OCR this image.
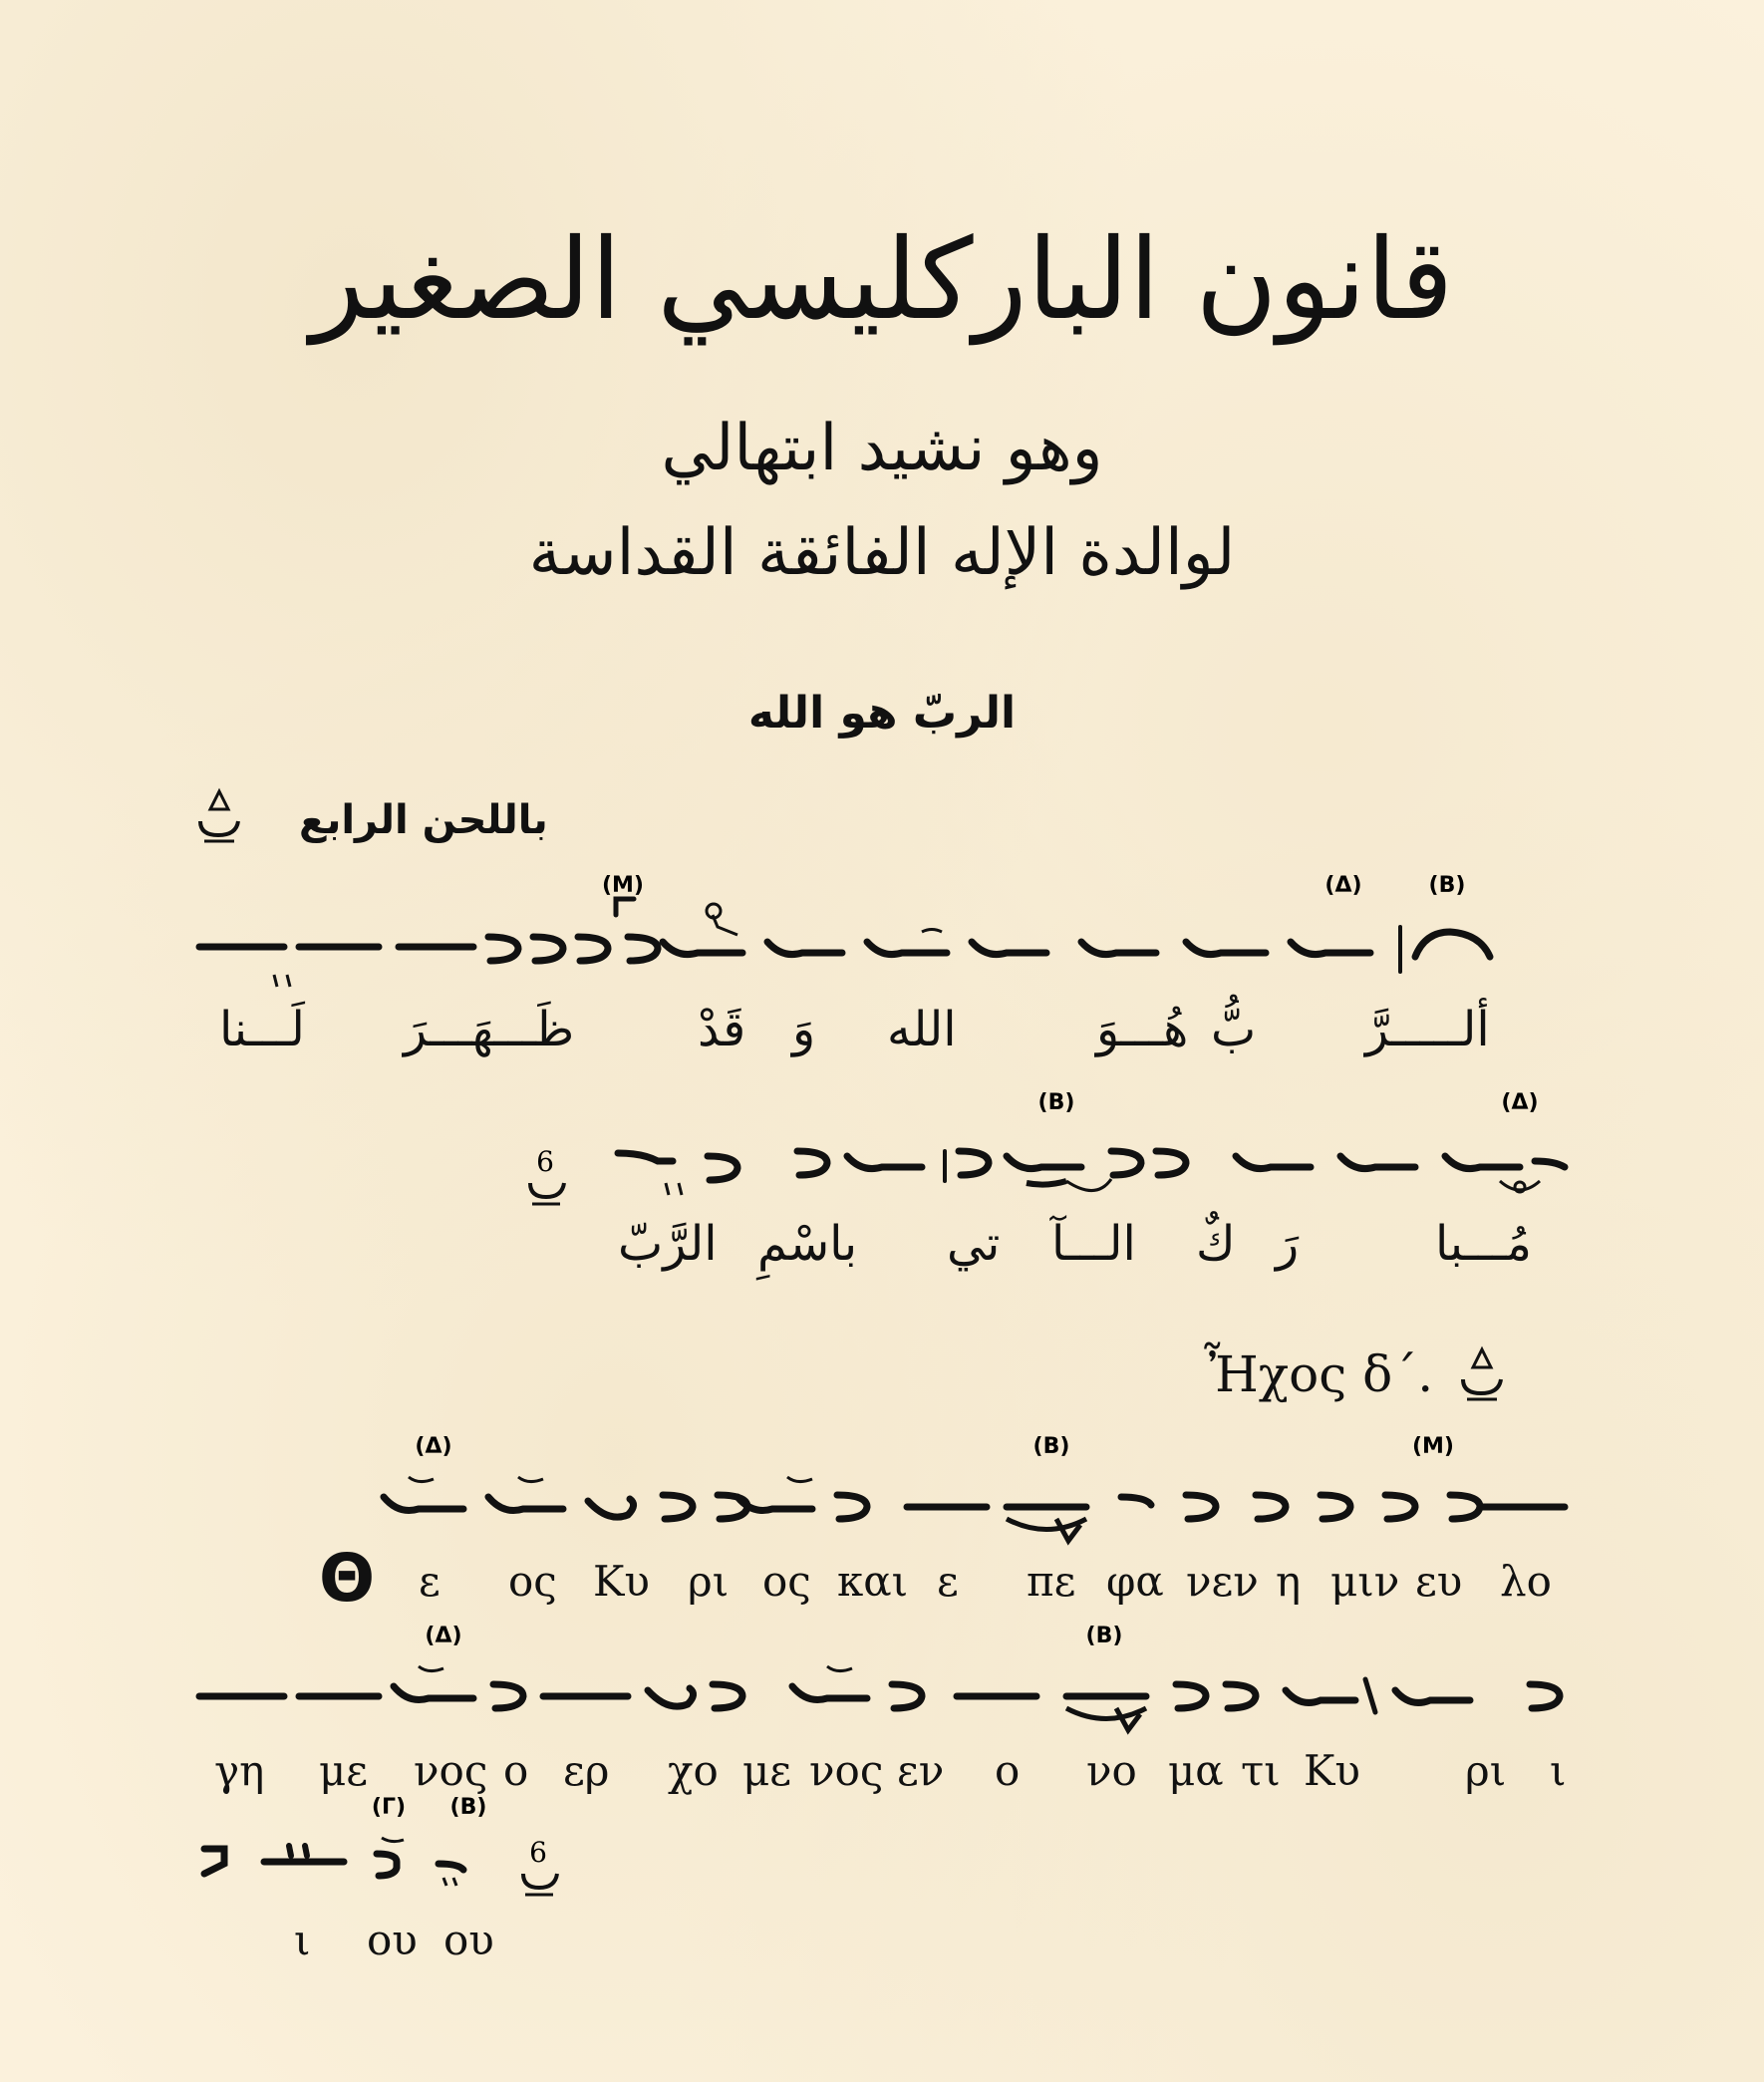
قانون الباركليسي الصغير
وهو نشيد ابتهالي
لوالدة الإله الفائقة القداسة
الربّ هو الله
باللحن الرابع
(Μ)	(Δ)	(Β)
ألـــــرَّ
بُّ
هُـــوَ
الله
وَ
قَدْ
ظَـــهَـــرَ
لَـــنا
(Β)	(Δ)
6
مُـــبا
رَ
كٌ
الـــآ
تي
باسْمِ
الرَّبّ
Ἦχος δ΄.
(Δ)	(Β)	(Μ)
Θ ε ος Κυ ρι ος και ε πε φα νεν η μιν ευ λο
(Δ)	(Β)
γη με νος ο ερ χο με νος εν ο νο μα τι Κυ	ρι ι
(Γ) (Β)
6
ι ου ου
